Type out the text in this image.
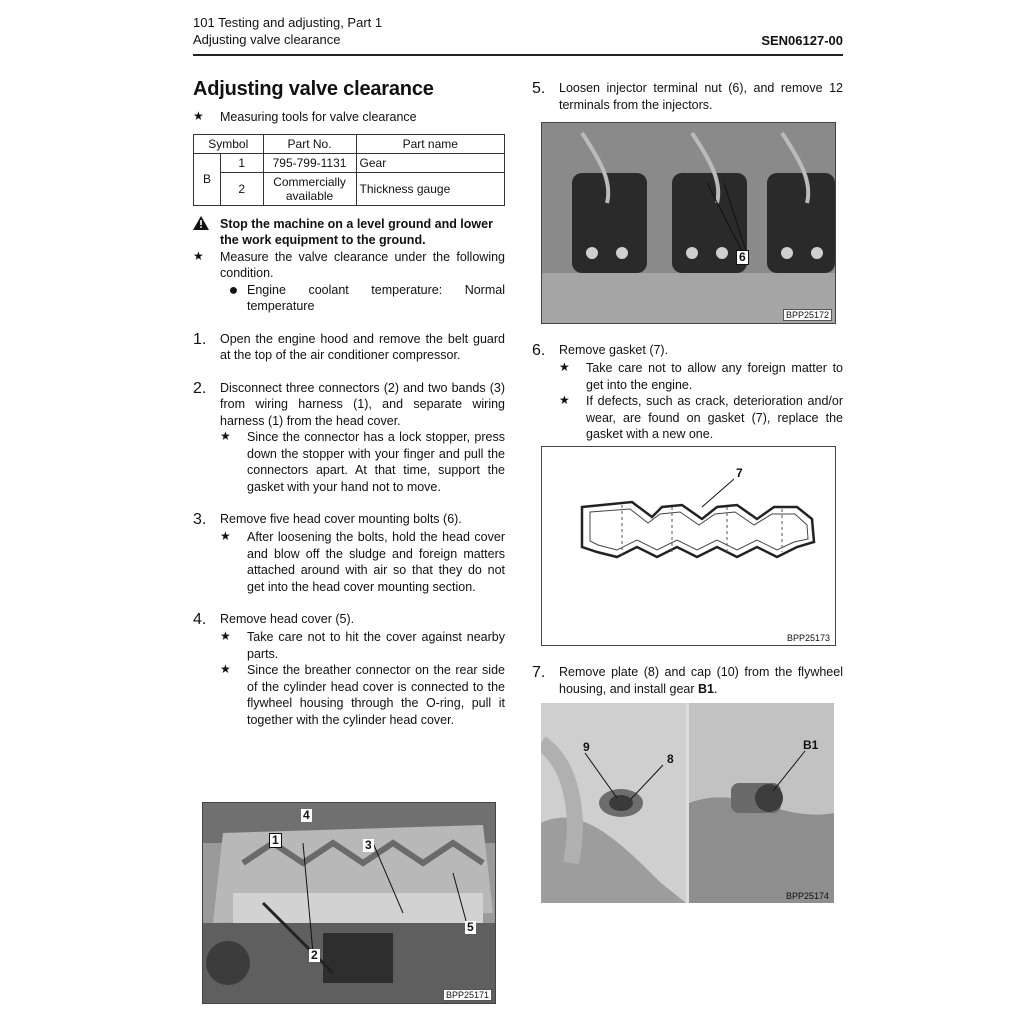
101 Testing and adjusting, Part 1
Adjusting valve clearance	SEN06127-00
Adjusting valve clearance
★	Measuring tools for valve clearance

Symbol		Part No.	Part name
B	1	795-799-1131	Gear
	2	Commercially available	Thickness gauge
Stop the machine on a level ground and lower the work equipment to the ground.
★	Measure the valve clearance under the following condition.

● Engine coolant temperature: Normal temperature

1.	Open the engine hood and remove the belt guard at the top of the air conditioner compressor.

2.	Disconnect three connectors (2) and two bands (3) from wiring harness (1), and separate wiring harness (1) from the head cover.

★	Since the connector has a lock stopper, press down the stopper with your finger and pull the connectors apart. At that time, support the gasket with your hand not to move.

3.	Remove five head cover mounting bolts (6).

★	After loosening the bolts, hold the head cover and blow off the sludge and foreign matters attached around with air so that they do not get into the head cover mounting section.

4.	Remove head cover (5).

★	Take care not to hit the cover against nearby parts.

★	Since the breather connector on the rear side of the cylinder head cover is connected to the flywheel housing through the O-ring, pull it together with the cylinder head cover.

4
1	3
5
2
BPP25171
5.	Loosen injector terminal nut (6), and remove 12 terminals from the injectors.

6
BPP25172
6.	Remove gasket (7).

★	Take care not to allow any foreign matter to get into the engine.

★	If defects, such as crack, deterioration and/or wear, are found on gasket (7), replace the gasket with a new one.

7
BPP25173
7.	Remove plate (8) and cap (10) from the flywheel housing, and install gear B1.

9
8
B1
BPP25174
